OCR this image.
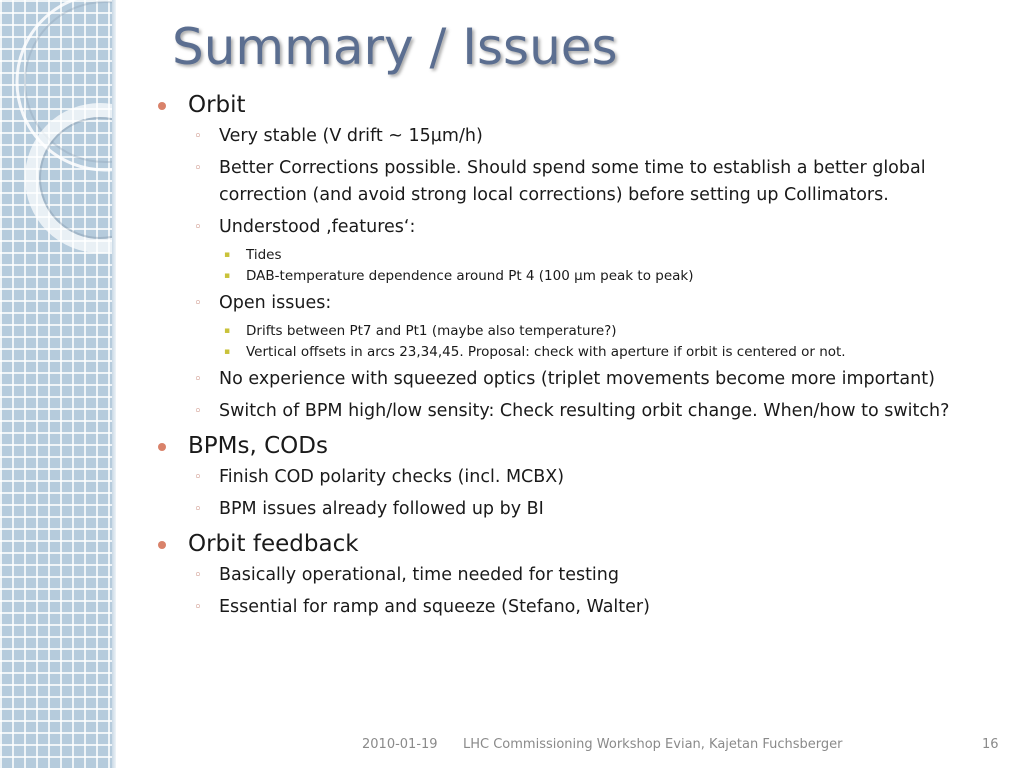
Summary / Issues
Orbit
◦ Very stable (V drift ~ 15µm/h)
◦ Better Corrections possible. Should spend some time to establish a better global correction (and avoid strong local corrections) before setting up Collimators.
◦ Understood ‚features‘:
▪ Tides
▪ DAB-temperature dependence around Pt 4 (100 µm peak to peak)
◦ Open issues:
▪ Drifts between Pt7 and Pt1 (maybe also temperature?)
▪ Vertical offsets in arcs 23,34,45. Proposal: check with aperture if orbit is centered or not.
◦ No experience with squeezed optics (triplet movements become more important)
◦ Switch of BPM high/low sensity: Check resulting orbit change. When/how to switch?
BPMs, CODs
◦ Finish COD polarity checks (incl. MCBX)
◦ BPM issues already followed up by BI
Orbit feedback
◦ Basically operational, time needed for testing
◦ Essential for ramp and squeeze (Stefano, Walter)
2010-01-19 LHC Commissioning Workshop Evian, Kajetan Fuchsberger	16
